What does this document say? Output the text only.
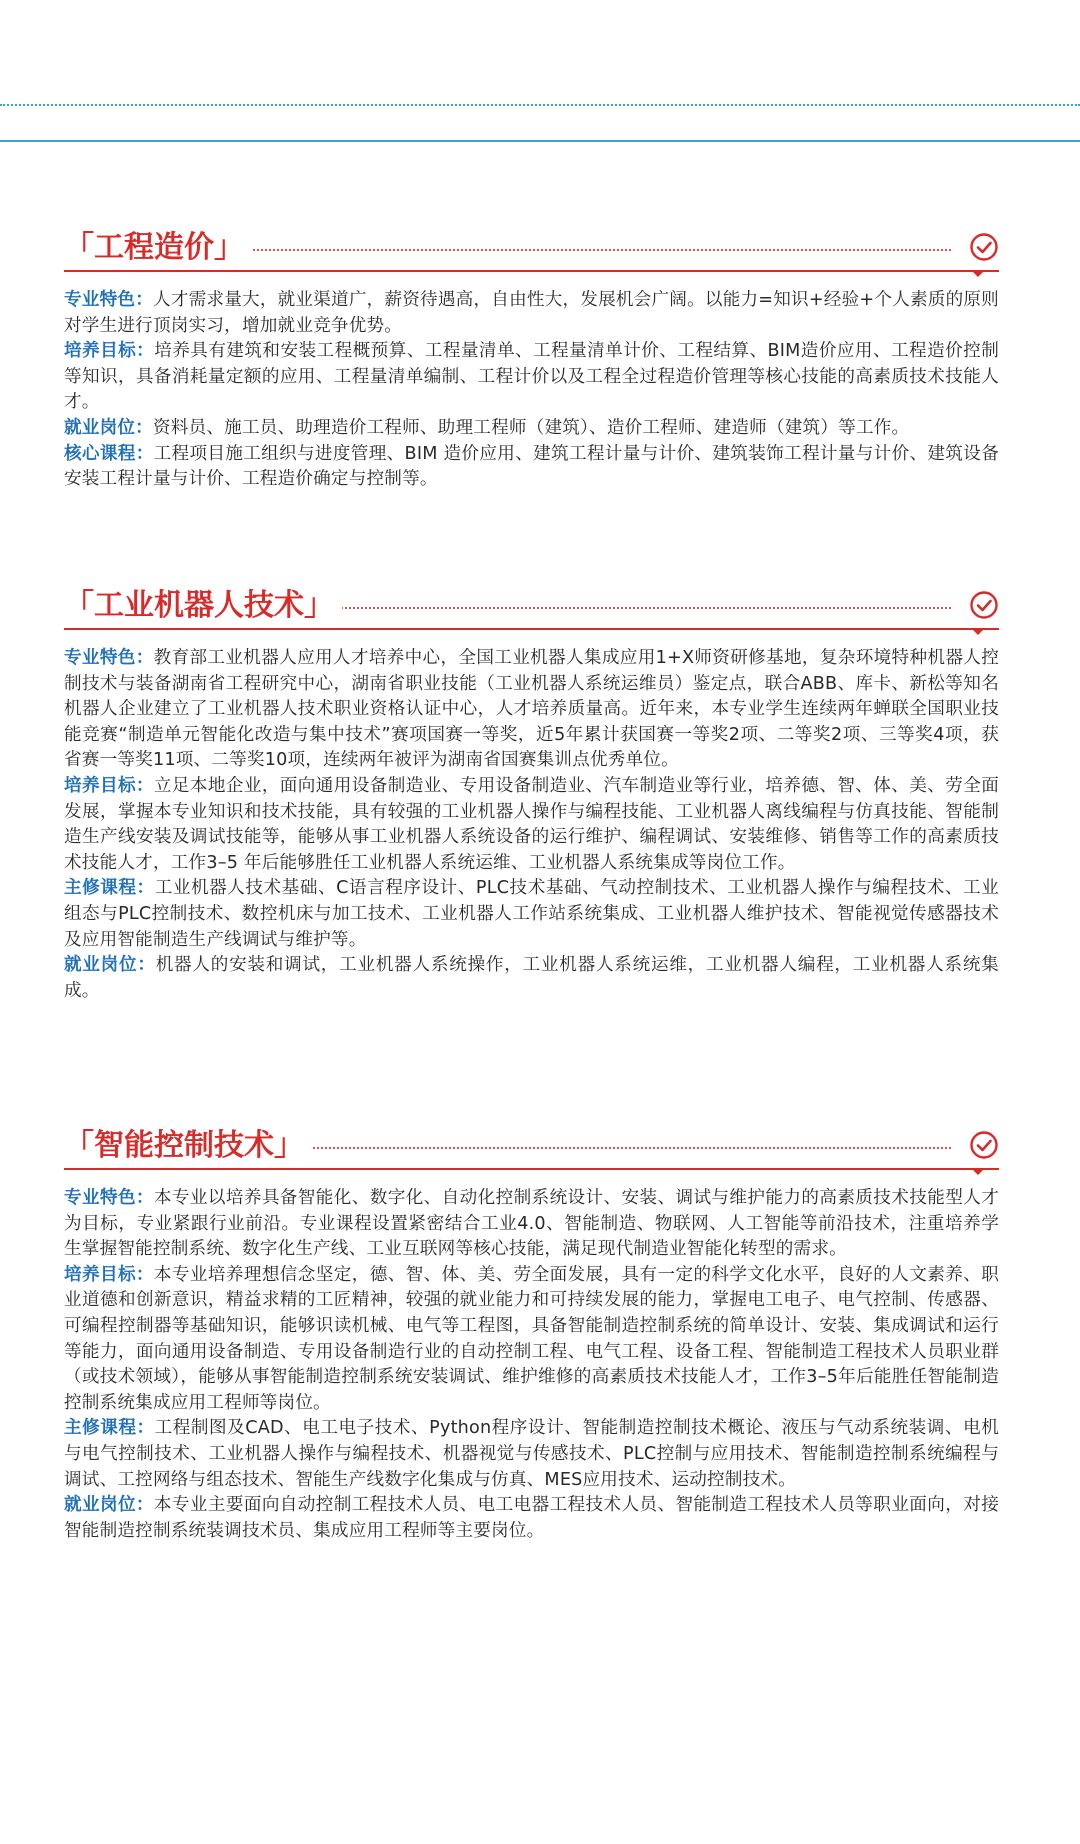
「工程造价」

专业特色：人才需求量大，就业渠道广，薪资待遇高，自由性大，发展机会广阔。以能力=知识+经验+个人素质的原则对学生进行顶岗实习，增加就业竞争优势。

培养目标：培养具有建筑和安装工程概预算、工程量清单、工程量清单计价、工程结算、BIM造价应用、工程造价控制等知识，具备消耗量定额的应用、工程量清单编制、工程计价以及工程全过程造价管理等核心技能的高素质技术技能人才。

就业岗位：资料员、施工员、助理造价工程师、助理工程师（建筑）、造价工程师、建造师（建筑）等工作。

核心课程：工程项目施工组织与进度管理、BIM 造价应用、建筑工程计量与计价、建筑装饰工程计量与计价、建筑设备安装工程计量与计价、工程造价确定与控制等。

「工业机器人技术」

专业特色：教育部工业机器人应用人才培养中心，全国工业机器人集成应用1+X师资研修基地，复杂环境特种机器人控制技术与装备湖南省工程研究中心，湖南省职业技能（工业机器人系统运维员）鉴定点，联合ABB、库卡、新松等知名机器人企业建立了工业机器人技术职业资格认证中心，人才培养质量高。近年来，本专业学生连续两年蝉联全国职业技能竞赛“制造单元智能化改造与集中技术”赛项国赛一等奖，近5年累计获国赛一等奖2项、二等奖2项、三等奖4项，获省赛一等奖11项、二等奖10项，连续两年被评为湖南省国赛集训点优秀单位。

培养目标：立足本地企业，面向通用设备制造业、专用设备制造业、汽车制造业等行业，培养德、智、体、美、劳全面发展，掌握本专业知识和技术技能，具有较强的工业机器人操作与编程技能、工业机器人离线编程与仿真技能、智能制造生产线安装及调试技能等，能够从事工业机器人系统设备的运行维护、编程调试、安装维修、销售等工作的高素质技术技能人才，工作3–5 年后能够胜任工业机器人系统运维、工业机器人系统集成等岗位工作。

主修课程：工业机器人技术基础、C语言程序设计、PLC技术基础、气动控制技术、工业机器人操作与编程技术、工业组态与PLC控制技术、数控机床与加工技术、工业机器人工作站系统集成、工业机器人维护技术、智能视觉传感器技术及应用智能制造生产线调试与维护等。

就业岗位：机器人的安装和调试，工业机器人系统操作，工业机器人系统运维，工业机器人编程，工业机器人系统集成。

「智能控制技术」

专业特色：本专业以培养具备智能化、数字化、自动化控制系统设计、安装、调试与维护能力的高素质技术技能型人才为目标，专业紧跟行业前沿。专业课程设置紧密结合工业4.0、智能制造、物联网、人工智能等前沿技术，注重培养学生掌握智能控制系统、数字化生产线、工业互联网等核心技能，满足现代制造业智能化转型的需求。

培养目标：本专业培养理想信念坚定，德、智、体、美、劳全面发展，具有一定的科学文化水平，良好的人文素养、职业道德和创新意识，精益求精的工匠精神，较强的就业能力和可持续发展的能力，掌握电工电子、电气控制、传感器、可编程控制器等基础知识，能够识读机械、电气等工程图，具备智能制造控制系统的简单设计、安装、集成调试和运行等能力，面向通用设备制造、专用设备制造行业的自动控制工程、电气工程、设备工程、智能制造工程技术人员职业群（或技术领域），能够从事智能制造控制系统安装调试、维护维修的高素质技术技能人才，工作3–5年后能胜任智能制造控制系统集成应用工程师等岗位。

主修课程：工程制图及CAD、电工电子技术、Python程序设计、智能制造控制技术概论、液压与气动系统装调、电机与电气控制技术、工业机器人操作与编程技术、机器视觉与传感技术、PLC控制与应用技术、智能制造控制系统编程与调试、工控网络与组态技术、智能生产线数字化集成与仿真、MES应用技术、运动控制技术。

就业岗位：本专业主要面向自动控制工程技术人员、电工电器工程技术人员、智能制造工程技术人员等职业面向，对接智能制造控制系统装调技术员、集成应用工程师等主要岗位。
